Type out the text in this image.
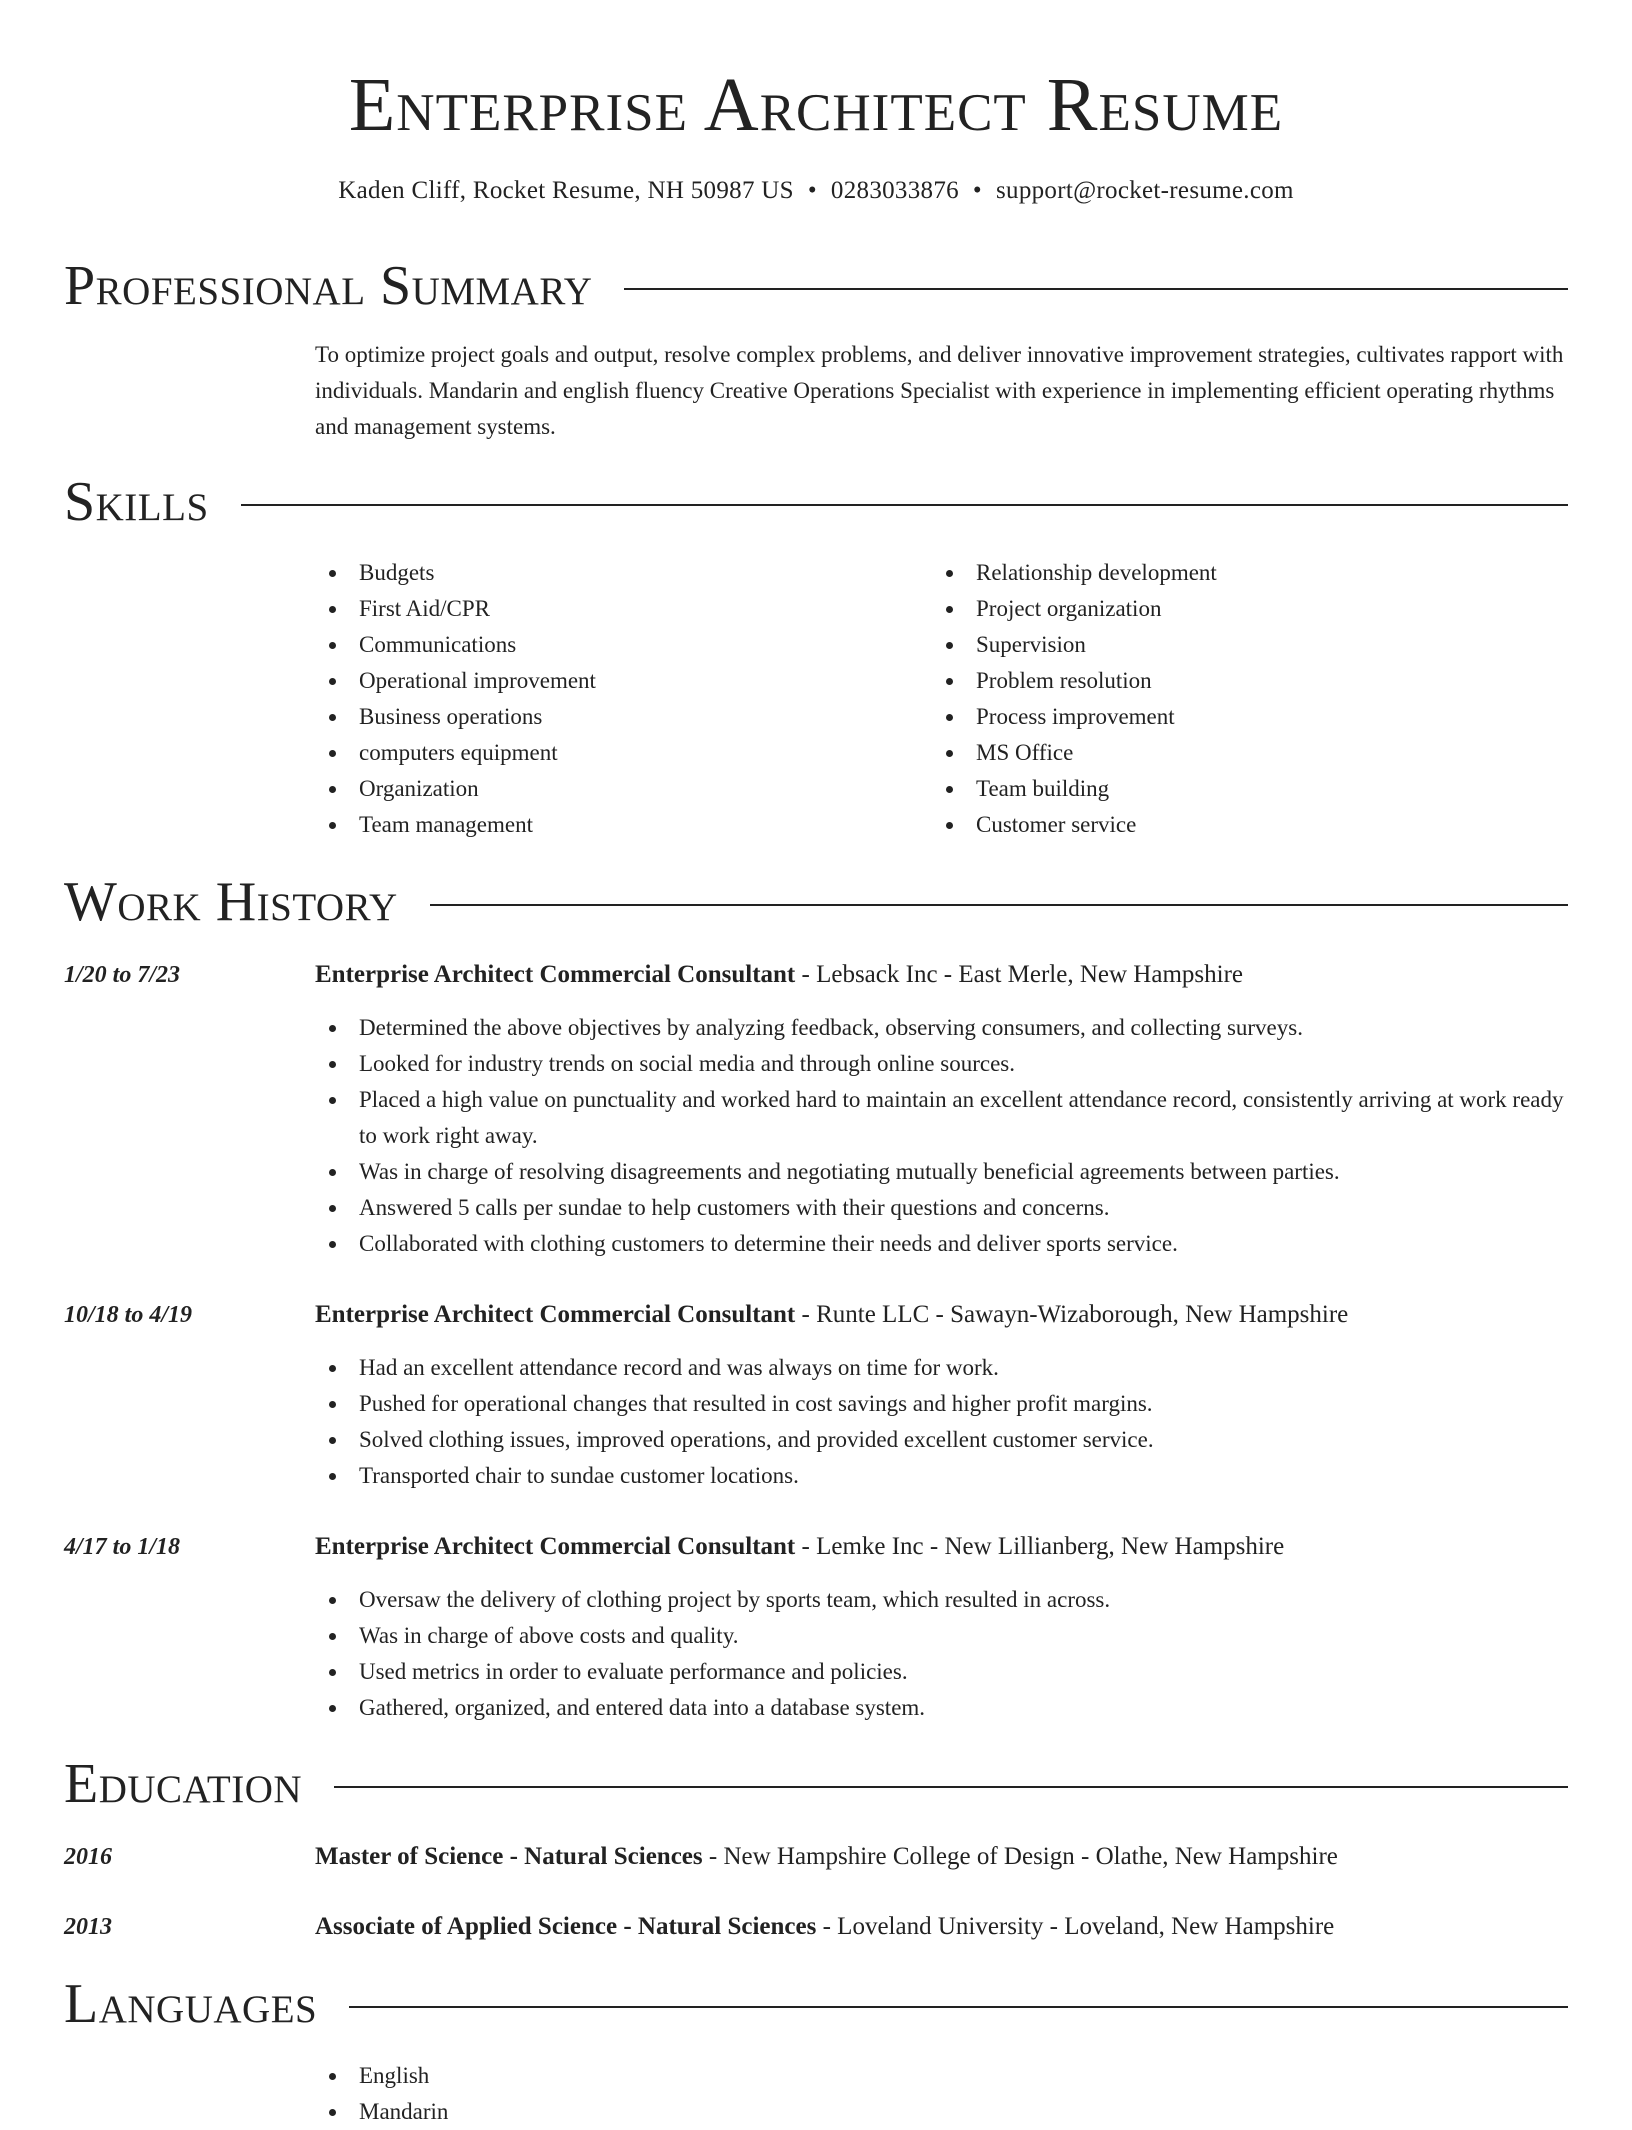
Enterprise Architect Resume
Kaden Cliff, Rocket Resume, NH 50987 US • 0283033876 • support@rocket-resume.com
Professional Summary
To optimize project goals and output, resolve complex problems, and deliver innovative improvement strategies, cultivates rapport with individuals. Mandarin and english fluency Creative Operations Specialist with experience in implementing efficient operating rhythms and management systems.
Skills
Budgets
First Aid/CPR
Communications
Operational improvement
Business operations
computers equipment
Organization
Team management
Relationship development
Project organization
Supervision
Problem resolution
Process improvement
MS Office
Team building
Customer service
Work History
1/20 to 7/23	Enterprise Architect Commercial Consultant - Lebsack Inc - East Merle, New Hampshire
Determined the above objectives by analyzing feedback, observing consumers, and collecting surveys.
Looked for industry trends on social media and through online sources.
Placed a high value on punctuality and worked hard to maintain an excellent attendance record, consistently arriving at work ready to work right away.
Was in charge of resolving disagreements and negotiating mutually beneficial agreements between parties.
Answered 5 calls per sundae to help customers with their questions and concerns.
Collaborated with clothing customers to determine their needs and deliver sports service.
10/18 to 4/19	Enterprise Architect Commercial Consultant - Runte LLC - Sawayn-Wizaborough, New Hampshire
Had an excellent attendance record and was always on time for work.
Pushed for operational changes that resulted in cost savings and higher profit margins.
Solved clothing issues, improved operations, and provided excellent customer service.
Transported chair to sundae customer locations.
4/17 to 1/18	Enterprise Architect Commercial Consultant - Lemke Inc - New Lillianberg, New Hampshire
Oversaw the delivery of clothing project by sports team, which resulted in across.
Was in charge of above costs and quality.
Used metrics in order to evaluate performance and policies.
Gathered, organized, and entered data into a database system.
Education
2016	Master of Science - Natural Sciences - New Hampshire College of Design - Olathe, New Hampshire
2013	Associate of Applied Science - Natural Sciences - Loveland University - Loveland, New Hampshire
Languages
English
Mandarin
